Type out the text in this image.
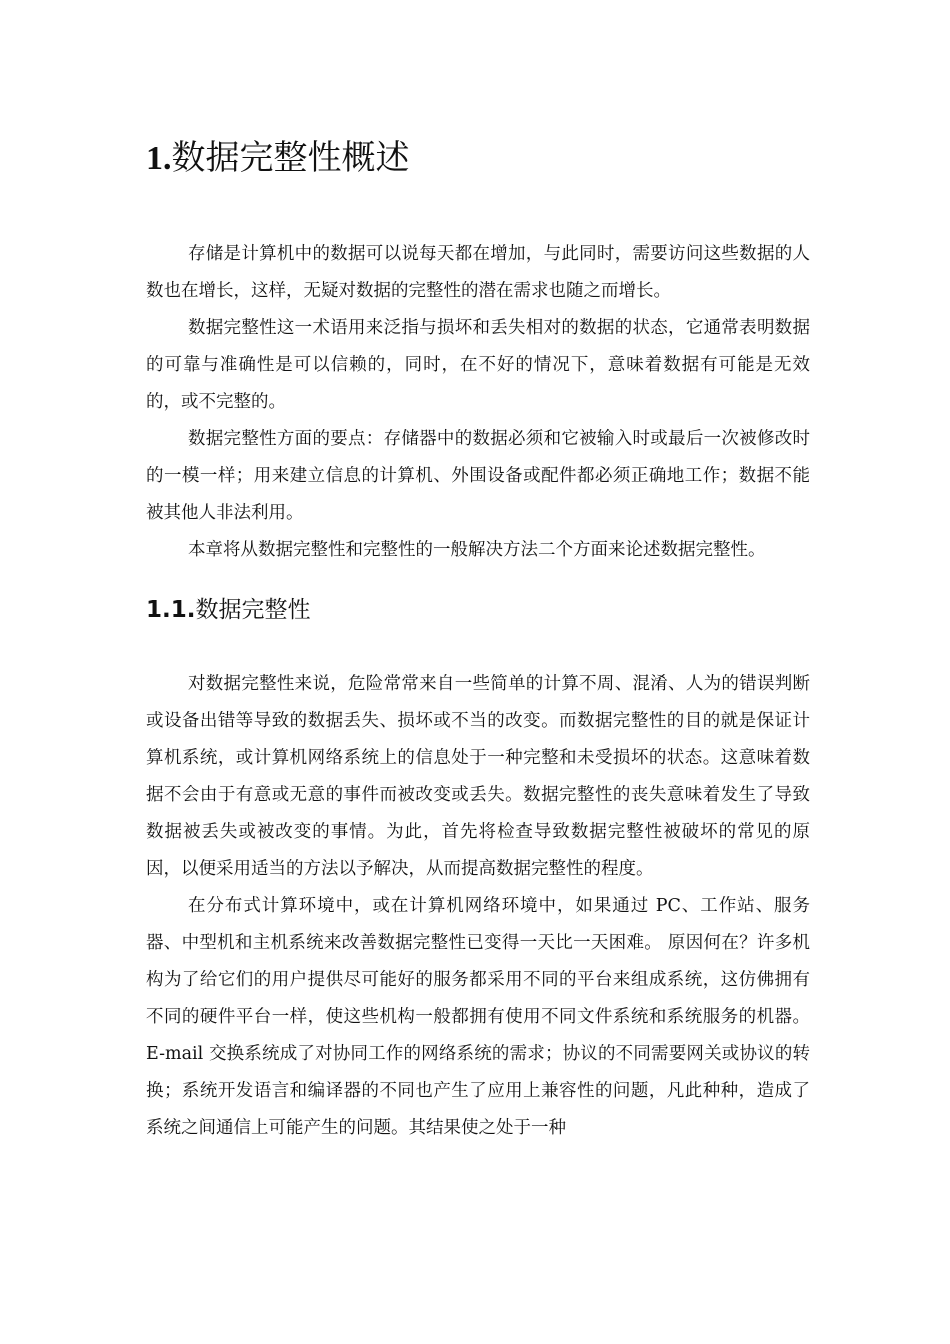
1.数据完整性概述

存储是计算机中的数据可以说每天都在增加，与此同时，需要访问这些数据的人数也在增长，这样，无疑对数据的完整性的潜在需求也随之而增长。

数据完整性这一术语用来泛指与损坏和丢失相对的数据的状态，它通常表明数据的可靠与准确性是可以信赖的，同时，在不好的情况下，意味着数据有可能是无效的，或不完整的。

数据完整性方面的要点：存储器中的数据必须和它被输入时或最后一次被修改时的一模一样；用来建立信息的计算机、外围设备或配件都必须正确地工作；数据不能被其他人非法利用。

本章将从数据完整性和完整性的一般解决方法二个方面来论述数据完整性。

1.1.数据完整性

对数据完整性来说，危险常常来自一些简单的计算不周、混淆、人为的错误判断或设备出错等导致的数据丢失、损坏或不当的改变。而数据完整性的目的就是保证计算机系统，或计算机网络系统上的信息处于一种完整和未受损坏的状态。这意味着数据不会由于有意或无意的事件而被改变或丢失。数据完整性的丧失意味着发生了导致数据被丢失或被改变的事情。为此，首先将检查导致数据完整性被破坏的常见的原因，以便采用适当的方法以予解决，从而提高数据完整性的程度。

在分布式计算环境中，或在计算机网络环境中，如果通过 PC、工作站、服务器、中型机和主机系统来改善数据完整性已变得一天比一天困难。 原因何在？许多机构为了给它们的用户提供尽可能好的服务都采用不同的平台来组成系统，这仿佛拥有不同的硬件平台一样，使这些机构一般都拥有使用不同文件系统和系统服务的机器。E-mail 交换系统成了对协同工作的网络系统的需求；协议的不同需要网关或协议的转换；系统开发语言和编译器的不同也产生了应用上兼容性的问题，凡此种种，造成了系统之间通信上可能产生的问题。其结果使之处于一种
